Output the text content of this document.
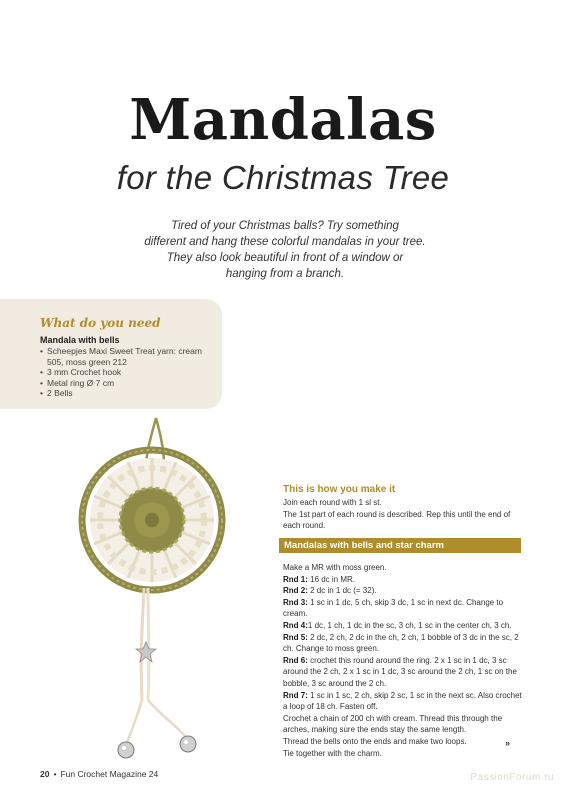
Mandalas
for the Christmas Tree
Tired of your Christmas balls? Try something
different and hang these colorful mandalas in your tree.
They also look beautiful in front of a window or
hanging from a branch.
What do you need
Mandala with bells
• Scheepjes Maxi Sweet Treat yarn: cream 505, moss green 212
• 3 mm Crochet hook
• Metal ring Ø 7 cm
• 2 Bells
This is how you make it
Join each round with 1 sl st.
The 1st part of each round is described. Rep this until the end of each round.
Mandalas with bells and star charm
Make a MR with moss green.
Rnd 1: 16 dc in MR.
Rnd 2: 2 dc in 1 dc (= 32).
Rnd 3: 1 sc in 1 dc, 5 ch, skip 3 dc, 1 sc in next dc. Change to cream.
Rnd 4:1 dc, 1 ch, 1 dc in the sc, 3 ch, 1 sc in the center ch, 3 ch.
Rnd 5: 2 dc, 2 ch, 2 dc in the ch, 2 ch, 1 bobble of 3 dc in the sc, 2 ch. Change to moss green.
Rnd 6: crochet this round around the ring. 2 x 1 sc in 1 dc, 3 sc around the 2 ch, 2 x 1 sc in 1 dc, 3 sc around the 2 ch, 1 sc on the bobble, 3 sc around the 2 ch.
Rnd 7: 1 sc in 1 sc, 2 ch, skip 2 sc, 1 sc in the next sc. Also crochet a loop of 18 ch. Fasten off.
Crochet a chain of 200 ch with cream. Thread this through the arches, making sure the ends stay the same length.
Thread the bells onto the ends and make two loops.
Tie together with the charm.
»
20 • Fun Crochet Magazine 24	PassionForum.ru
